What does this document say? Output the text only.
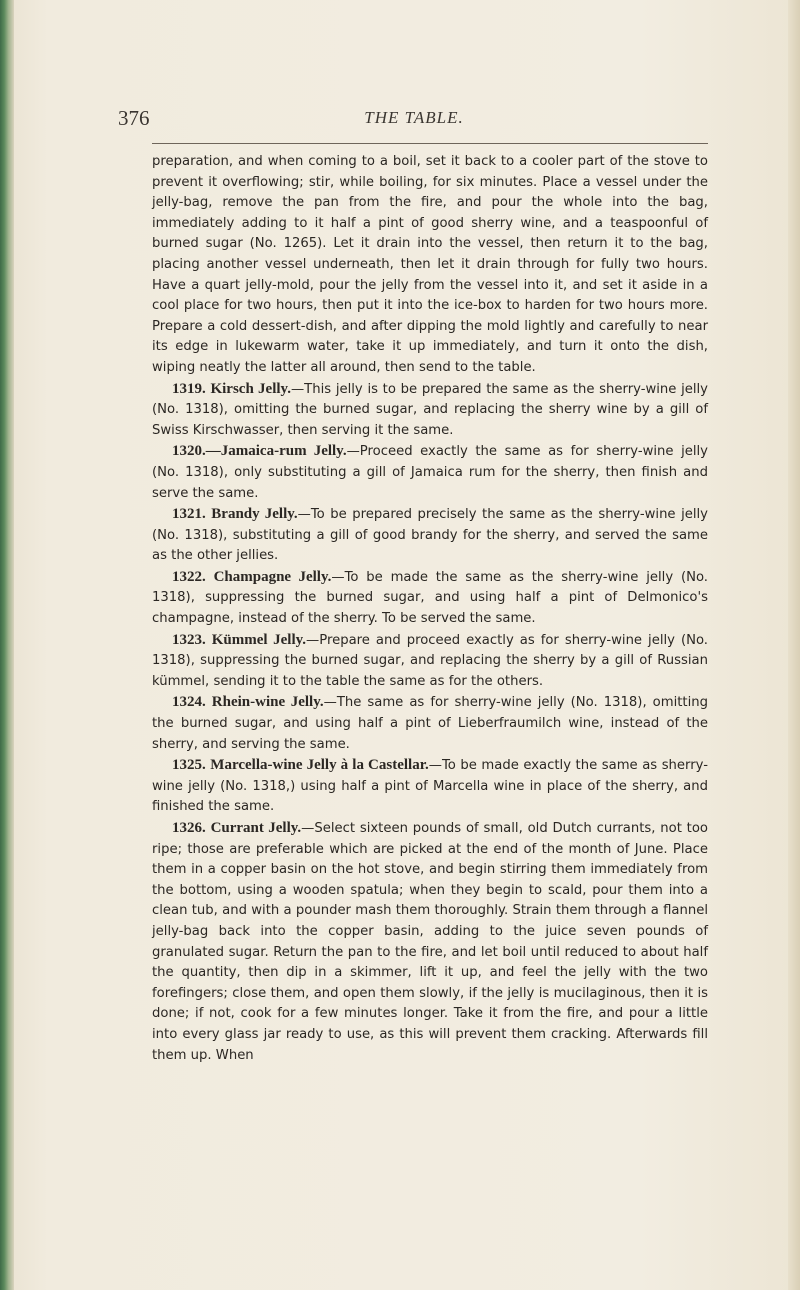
376	THE TABLE.

preparation, and when coming to a boil, set it back to a cooler part of the stove to prevent it overflowing; stir, while boiling, for six minutes. Place a vessel under the jelly-bag, remove the pan from the fire, and pour the whole into the bag, immediately adding to it half a pint of good sherry wine, and a teaspoonful of burned sugar (No. 1265). Let it drain into the vessel, then return it to the bag, placing another vessel underneath, then let it drain through for fully two hours. Have a quart jelly-mold, pour the jelly from the vessel into it, and set it aside in a cool place for two hours, then put it into the ice-box to harden for two hours more. Prepare a cold dessert-dish, and after dipping the mold lightly and carefully to near its edge in lukewarm water, take it up immediately, and turn it onto the dish, wiping neatly the latter all around, then send to the table.

1319. Kirsch Jelly.—This jelly is to be prepared the same as the sherry-wine jelly (No. 1318), omitting the burned sugar, and replacing the sherry wine by a gill of Swiss Kirschwasser, then serving it the same.

1320.—Jamaica-rum Jelly.—Proceed exactly the same as for sherry-wine jelly (No. 1318), only substituting a gill of Jamaica rum for the sherry, then finish and serve the same.

1321. Brandy Jelly.—To be prepared precisely the same as the sherry-wine jelly (No. 1318), substituting a gill of good brandy for the sherry, and served the same as the other jellies.

1322. Champagne Jelly.—To be made the same as the sherry-wine jelly (No. 1318), suppressing the burned sugar, and using half a pint of Delmonico's champagne, instead of the sherry. To be served the same.

1323. Kümmel Jelly.—Prepare and proceed exactly as for sherry-wine jelly (No. 1318), suppressing the burned sugar, and replacing the sherry by a gill of Russian kümmel, sending it to the table the same as for the others.

1324. Rhein-wine Jelly.—The same as for sherry-wine jelly (No. 1318), omitting the burned sugar, and using half a pint of Lieberfraumilch wine, instead of the sherry, and serving the same.

1325. Marcella-wine Jelly à la Castellar.—To be made exactly the same as sherry-wine jelly (No. 1318,) using half a pint of Marcella wine in place of the sherry, and finished the same.

1326. Currant Jelly.—Select sixteen pounds of small, old Dutch currants, not too ripe; those are preferable which are picked at the end of the month of June. Place them in a copper basin on the hot stove, and begin stirring them immediately from the bottom, using a wooden spatula; when they begin to scald, pour them into a clean tub, and with a pounder mash them thoroughly. Strain them through a flannel jelly-bag back into the copper basin, adding to the juice seven pounds of granulated sugar. Return the pan to the fire, and let boil until reduced to about half the quantity, then dip in a skimmer, lift it up, and feel the jelly with the two forefingers; close them, and open them slowly, if the jelly is mucilaginous, then it is done; if not, cook for a few minutes longer. Take it from the fire, and pour a little into every glass jar ready to use, as this will prevent them cracking. Afterwards fill them up. When
